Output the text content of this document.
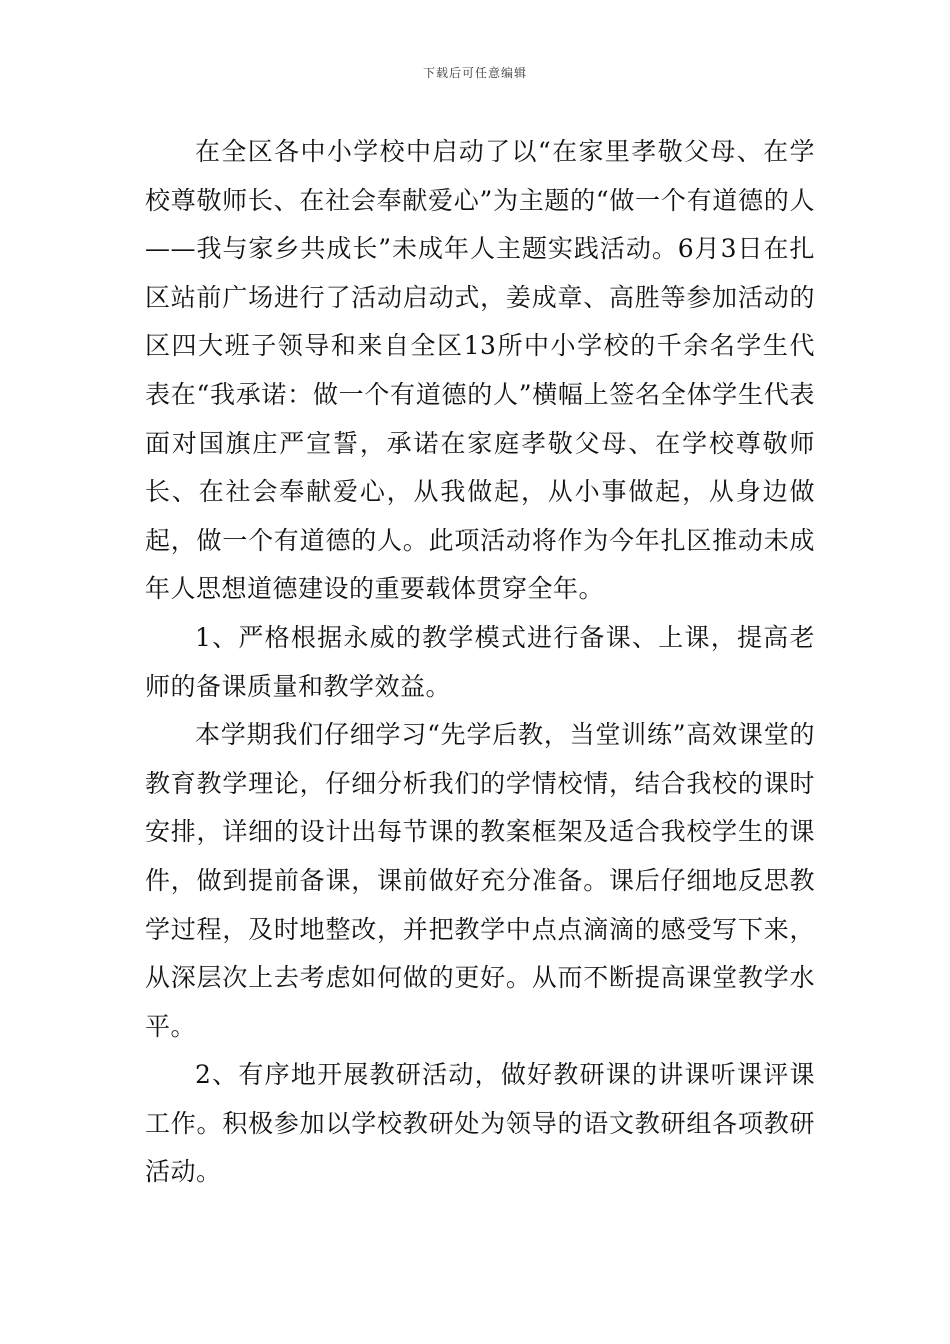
下载后可任意编辑

在全区各中小学校中启动了以“在家里孝敬父母、在学校尊敬师长、在社会奉献爱心”为主题的“做一个有道德的人——我与家乡共成长”未成年人主题实践活动。6月3日在扎区站前广场进行了活动启动式，姜成章、高胜等参加活动的区四大班子领导和来自全区13所中小学校的千余名学生代表在“我承诺：做一个有道德的人”横幅上签名全体学生代表面对国旗庄严宣誓，承诺在家庭孝敬父母、在学校尊敬师长、在社会奉献爱心，从我做起，从小事做起，从身边做起，做一个有道德的人。此项活动将作为今年扎区推动未成年人思想道德建设的重要载体贯穿全年。

1、严格根据永威的教学模式进行备课、上课，提高老师的备课质量和教学效益。

本学期我们仔细学习“先学后教，当堂训练”高效课堂的教育教学理论，仔细分析我们的学情校情，结合我校的课时安排，详细的设计出每节课的教案框架及适合我校学生的课件，做到提前备课，课前做好充分准备。课后仔细地反思教学过程，及时地整改，并把教学中点点滴滴的感受写下来，从深层次上去考虑如何做的更好。从而不断提高课堂教学水平。

2、有序地开展教研活动，做好教研课的讲课听课评课工作。积极参加以学校教研处为领导的语文教研组各项教研活动。
